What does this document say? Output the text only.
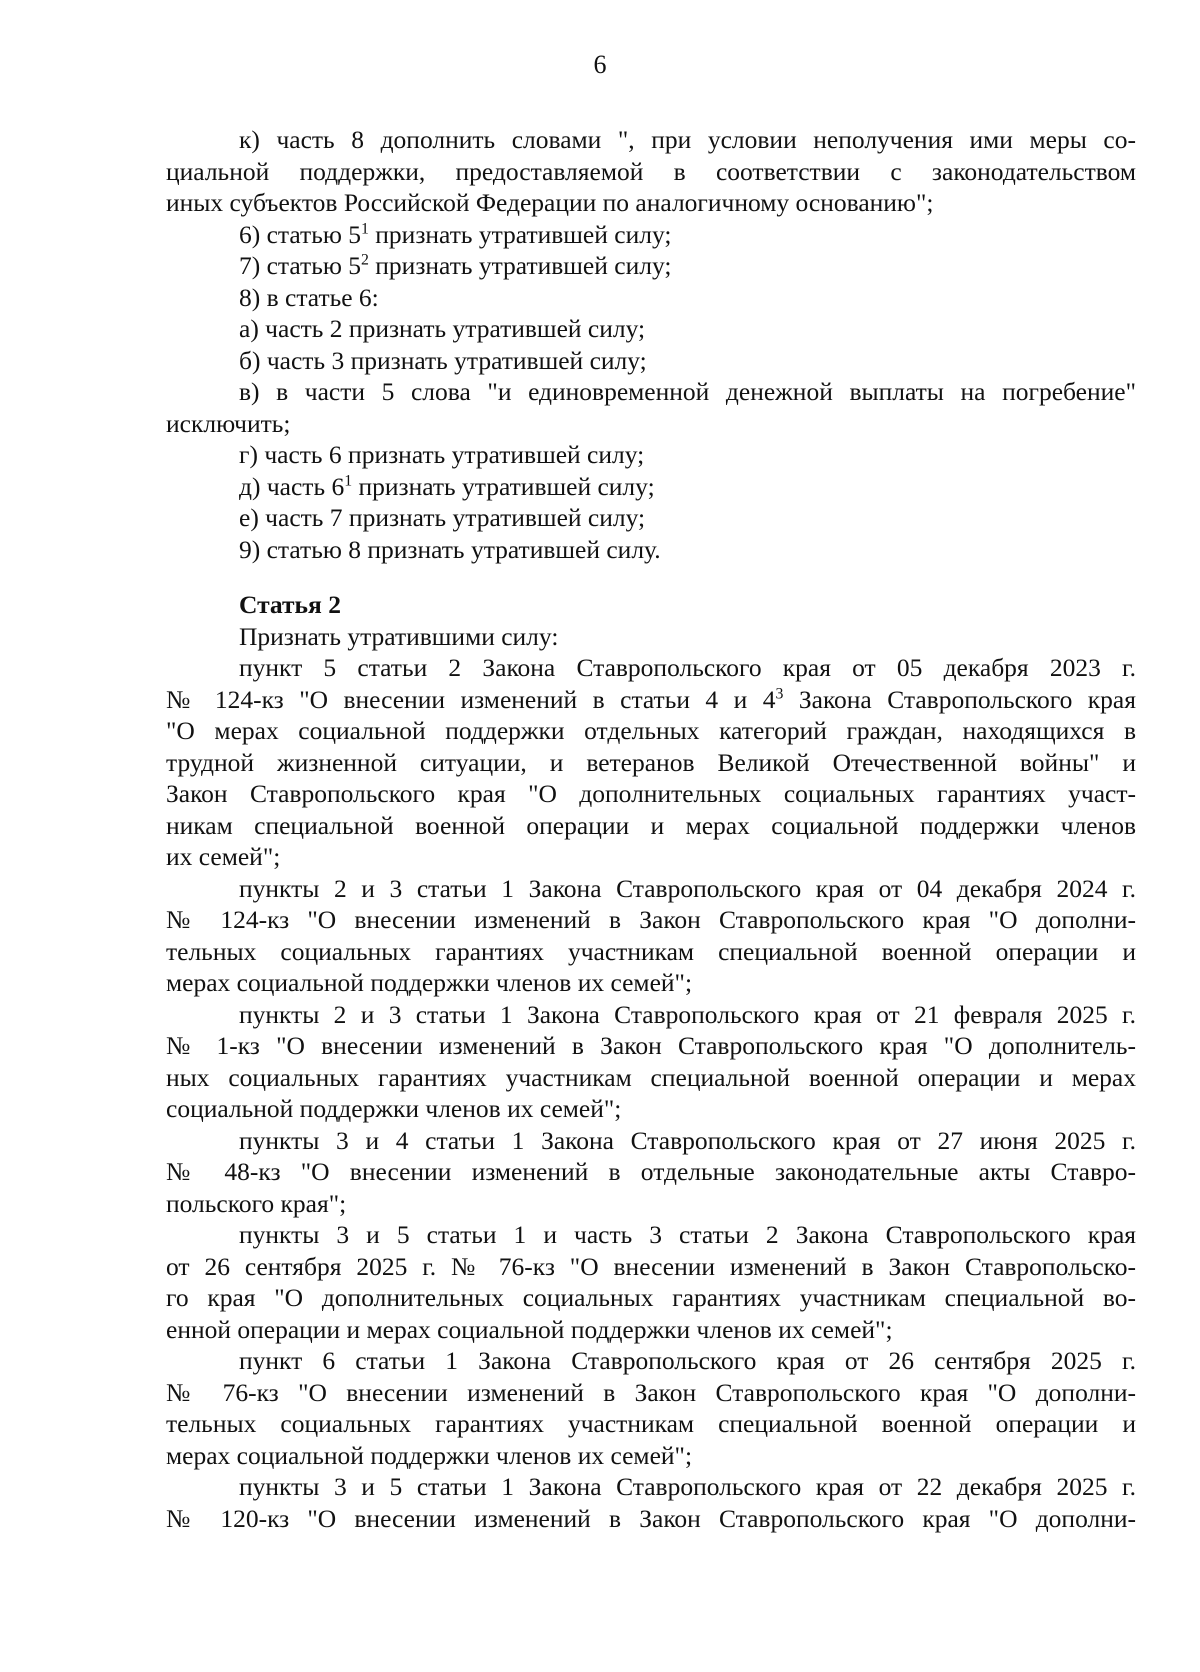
6
к) часть 8 дополнить словами ", при условии неполучения ими меры со-
циальной поддержки, предоставляемой в соответствии с законодательством
иных субъектов Российской Федерации по аналогичному основанию";
6) статью $5^1$ признать утратившей силу;
7) статью $5^2$ признать утратившей силу;
8) в статье 6:
а) часть 2 признать утратившей силу;
б) часть 3 признать утратившей силу;
в) в части 5 слова "и единовременной денежной выплаты на погребение"
исключить;
г) часть 6 признать утратившей силу;
д) часть $6^1$ признать утратившей силу;
е) часть 7 признать утратившей силу;
9) статью 8 признать утратившей силу.
Статья 2
Признать утратившими силу:
пункт 5 статьи 2 Закона Ставропольского края от 05 декабря 2023 г.
№ 124-кз "О внесении изменений в статьи 4 и $4^3$ Закона Ставропольского края
"О мерах социальной поддержки отдельных категорий граждан, находящихся в
трудной жизненной ситуации, и ветеранов Великой Отечественной войны" и
Закон Ставропольского края "О дополнительных социальных гарантиях участ-
никам специальной военной операции и мерах социальной поддержки членов
их семей";
пункты 2 и 3 статьи 1 Закона Ставропольского края от 04 декабря 2024 г.
№ 124-кз "О внесении изменений в Закон Ставропольского края "О дополни-
тельных социальных гарантиях участникам специальной военной операции и
мерах социальной поддержки членов их семей";
пункты 2 и 3 статьи 1 Закона Ставропольского края от 21 февраля 2025 г.
№ 1-кз "О внесении изменений в Закон Ставропольского края "О дополнитель-
ных социальных гарантиях участникам специальной военной операции и мерах
социальной поддержки членов их семей";
пункты 3 и 4 статьи 1 Закона Ставропольского края от 27 июня 2025 г.
№ 48-кз "О внесении изменений в отдельные законодательные акты Ставро-
польского края";
пункты 3 и 5 статьи 1 и часть 3 статьи 2 Закона Ставропольского края
от 26 сентября 2025 г. № 76-кз "О внесении изменений в Закон Ставропольско-
го края "О дополнительных социальных гарантиях участникам специальной во-
енной операции и мерах социальной поддержки членов их семей";
пункт 6 статьи 1 Закона Ставропольского края от 26 сентября 2025 г.
№ 76-кз "О внесении изменений в Закон Ставропольского края "О дополни-
тельных социальных гарантиях участникам специальной военной операции и
мерах социальной поддержки членов их семей";
пункты 3 и 5 статьи 1 Закона Ставропольского края от 22 декабря 2025 г.
№ 120-кз "О внесении изменений в Закон Ставропольского края "О дополни-
